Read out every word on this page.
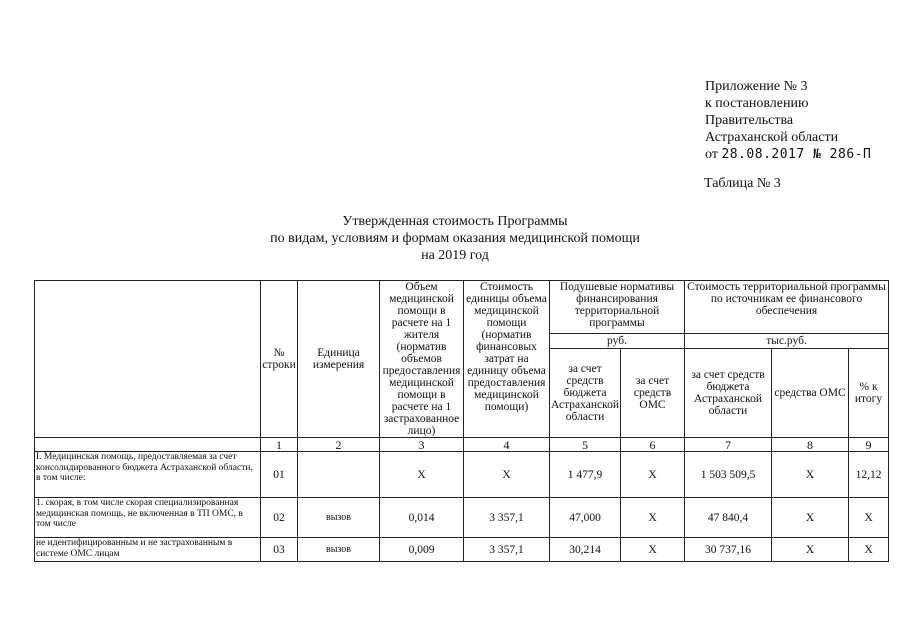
Приложение № 3
к постановлению
Правительства
Астраханской области
от 28.08.2017 № 286-П
Таблица № 3
Утвержденная стоимость Программы
по видам, условиям и формам оказания медицинской помощи
на 2019 год
	№ строки	Единица измерения	Объем медицинской помощи в расчете на 1 жителя (норматив объемов предоставления медицинской помощи в расчете на 1 застрахованное лицо)	Стоимость единицы объема медицинской помощи (норматив финансовых затрат на единицу объема предоставления медицинской помощи)	Подушевые нормативы финансирования территориальной программы		Стоимость территориальной программы по источникам ее финансового обеспечения		
					руб.		тыс.руб.		
					за счет средств бюджета Астраханской области	за счет средств ОМС	за счет средств бюджета Астраханской области	средства ОМС	% к итогу
	1	2	3	4	5	6	7	8	9

I. Медицинская помощь, предоставляемая за счет консолидированного бюджета Астраханской области,
в том числе:	01		X	X	1 477,9	X	1 503 509,5	X	12,12
1. скорая, в том числе скорая специализированная медицинская помощь, не включенная в ТП ОМС, в том числе	02	вызов	0,014	3 357,1	47,000	X	47 840,4	X	X
не идентифицированным и не застрахованным в системе ОМС лицам	03	вызов	0,009	3 357,1	30,214	X	30 737,16	X	X
